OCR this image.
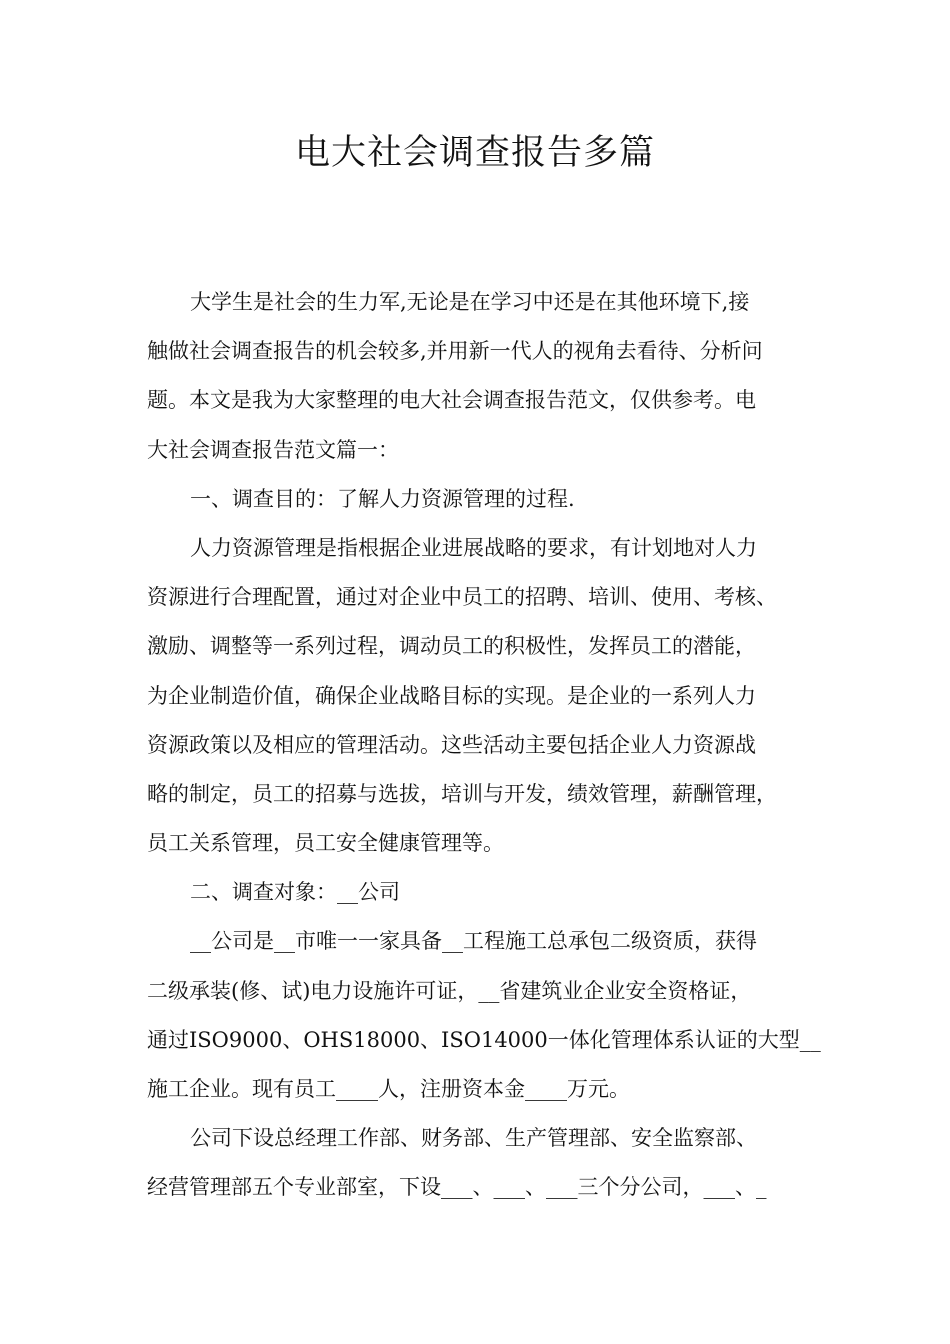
电大社会调查报告多篇
大学生是社会的生力军,无论是在学习中还是在其他环境下,接
触做社会调查报告的机会较多,并用新一代人的视角去看待、分析问
题。本文是我为大家整理的电大社会调查报告范文，仅供参考。电
大社会调查报告范文篇一：
一、调查目的：了解人力资源管理的过程.
人力资源管理是指根据企业进展战略的要求，有计划地对人力
资源进行合理配置，通过对企业中员工的招聘、培训、使用、考核、
激励、调整等一系列过程，调动员工的积极性，发挥员工的潜能，
为企业制造价值，确保企业战略目标的实现。是企业的一系列人力
资源政策以及相应的管理活动。这些活动主要包括企业人力资源战
略的制定，员工的招募与选拔，培训与开发，绩效管理，薪酬管理，
员工关系管理，员工安全健康管理等。
二、调查对象：__公司
__公司是__市唯一一家具备__工程施工总承包二级资质，获得
二级承装(修、试)电力设施许可证，__省建筑业企业安全资格证，
通过ISO9000、OHS18000、ISO14000一体化管理体系认证的大型__
施工企业。现有员工____人，注册资本金____万元。
公司下设总经理工作部、财务部、生产管理部、安全监察部、
经营管理部五个专业部室，下设___、___、___三个分公司，___、_
